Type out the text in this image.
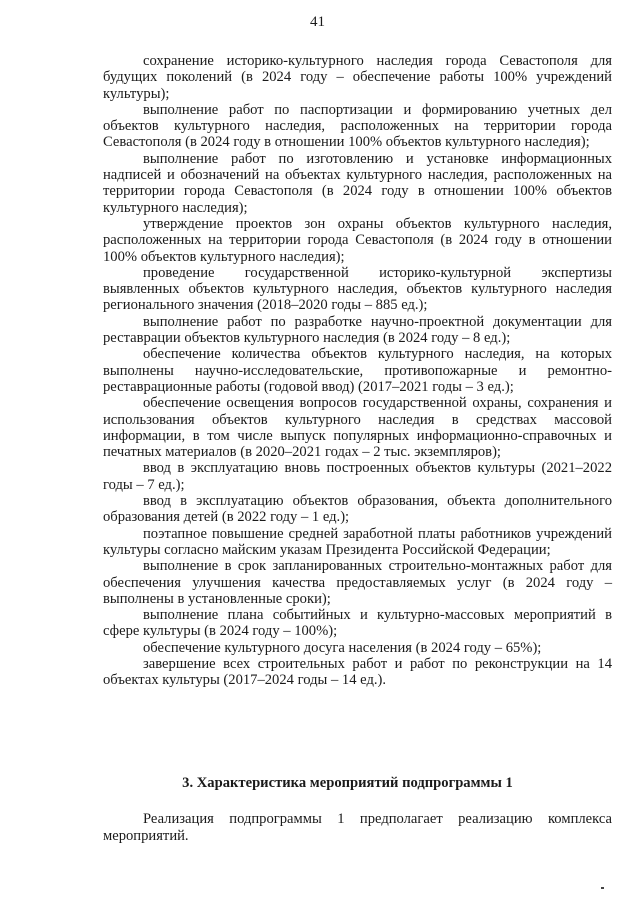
41

сохранение историко-культурного наследия города Севастополя для будущих поколений (в 2024 году – обеспечение работы 100% учреждений культуры);

выполнение работ по паспортизации и формированию учетных дел объектов культурного наследия, расположенных на территории города Севастополя (в 2024 году в отношении 100% объектов культурного наследия);

выполнение работ по изготовлению и установке информационных надписей и обозначений на объектах культурного наследия, расположенных на территории города Севастополя (в 2024 году в отношении 100% объектов культурного наследия);

утверждение проектов зон охраны объектов культурного наследия, расположенных на территории города Севастополя (в 2024 году в отношении 100% объектов культурного наследия);

проведение государственной историко-культурной экспертизы выявленных объектов культурного наследия, объектов культурного наследия регионального значения (2018–2020 годы – 885 ед.);

выполнение работ по разработке научно-проектной документации для реставрации объектов культурного наследия (в 2024 году – 8 ед.);

обеспечение количества объектов культурного наследия, на которых выполнены научно-исследовательские, противопожарные и ремонтно-реставрационные работы (годовой ввод) (2017–2021 годы – 3 ед.);

обеспечение освещения вопросов государственной охраны, сохранения и использования объектов культурного наследия в средствах массовой информации, в том числе выпуск популярных информационно-справочных и печатных материалов (в 2020–2021 годах – 2 тыс. экземпляров);

ввод в эксплуатацию вновь построенных объектов культуры (2021–2022 годы – 7 ед.);

ввод в эксплуатацию объектов образования, объекта дополнительного образования детей (в 2022 году – 1 ед.);

поэтапное повышение средней заработной платы работников учреждений культуры согласно майским указам Президента Российской Федерации;

выполнение в срок запланированных строительно-монтажных работ для обеспечения улучшения качества предоставляемых услуг (в 2024 году – выполнены в установленные сроки);

выполнение плана событийных и культурно-массовых мероприятий в сфере культуры (в 2024 году – 100%);

обеспечение культурного досуга населения (в 2024 году – 65%);

завершение всех строительных работ и работ по реконструкции на 14 объектах культуры (2017–2024 годы – 14 ед.).

3. Характеристика мероприятий подпрограммы 1

Реализация подпрограммы 1 предполагает реализацию комплекса мероприятий.
